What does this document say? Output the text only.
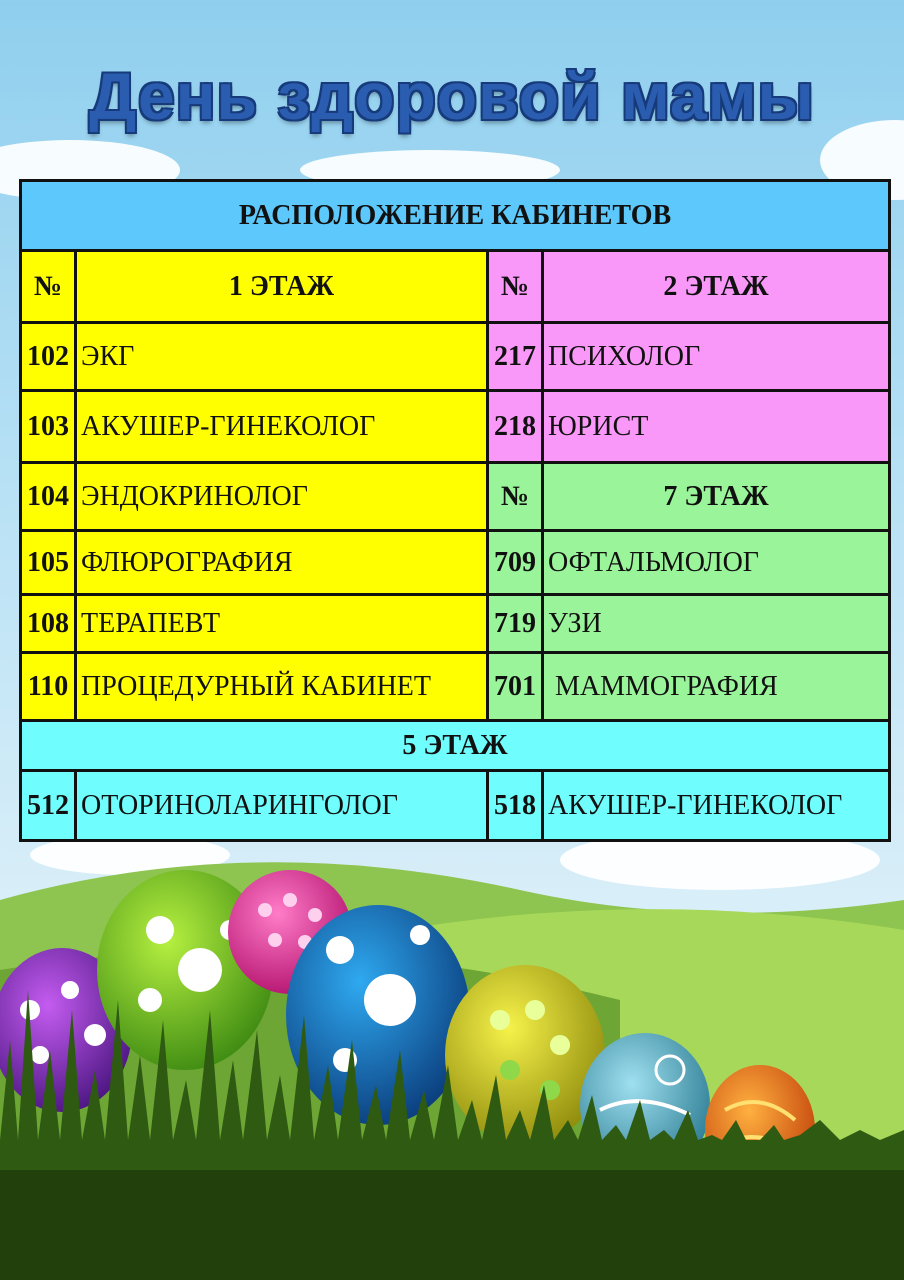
День здоровой мамы
РАСПОЛОЖЕНИЕ КАБИНЕТОВ			
№	1 ЭТАЖ	№	2 ЭТАЖ
102	ЭКГ	217	ПСИХОЛОГ
103	АКУШЕР-ГИНЕКОЛОГ	218	ЮРИСТ
104	ЭНДОКРИНОЛОГ	№	7 ЭТАЖ
105	ФЛЮРОГРАФИЯ	709	ОФТАЛЬМОЛОГ
108	ТЕРАПЕВТ	719	УЗИ
110	ПРОЦЕДУРНЫЙ КАБИНЕТ	701	МАММОГРАФИЯ
5 ЭТАЖ			
512	ОТОРИНОЛАРИНГОЛОГ	518	АКУШЕР-ГИНЕКОЛОГ
